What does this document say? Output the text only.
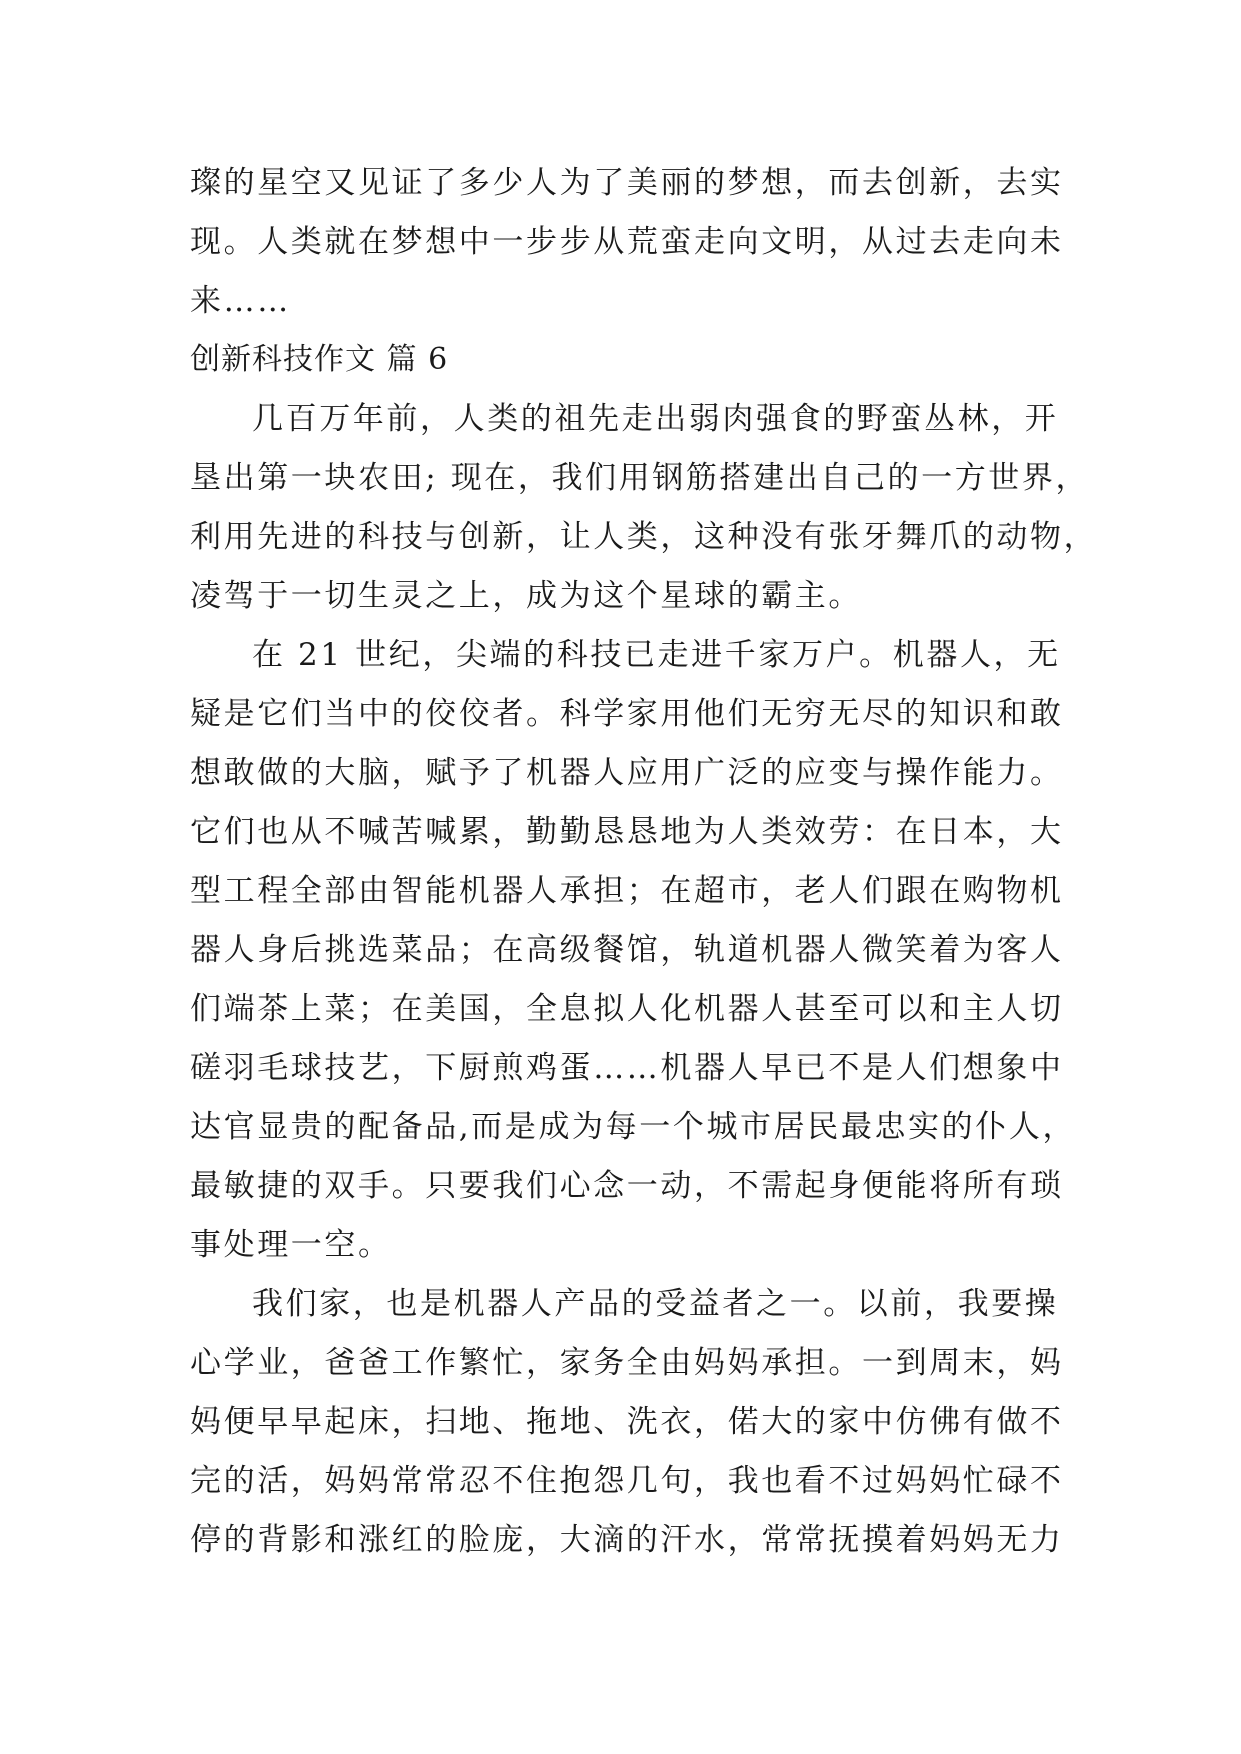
璨的星空又见证了多少人为了美丽的梦想，而去创新，去实
现。人类就在梦想中一步步从荒蛮走向文明，从过去走向未
来……
创新科技作文 篇 6
几百万年前，人类的祖先走出弱肉强食的野蛮丛林，开
垦出第一块农田; 现在，我们用钢筋搭建出自己的一方世界，
利用先进的科技与创新，让人类，这种没有张牙舞爪的动物，
凌驾于一切生灵之上，成为这个星球的霸主。
在 21 世纪，尖端的科技已走进千家万户。机器人，无
疑是它们当中的佼佼者。科学家用他们无穷无尽的知识和敢
想敢做的大脑，赋予了机器人应用广泛的应变与操作能力。
它们也从不喊苦喊累，勤勤恳恳地为人类效劳：在日本，大
型工程全部由智能机器人承担；在超市，老人们跟在购物机
器人身后挑选菜品；在高级餐馆，轨道机器人微笑着为客人
们端茶上菜；在美国，全息拟人化机器人甚至可以和主人切
磋羽毛球技艺，下厨煎鸡蛋……机器人早已不是人们想象中
达官显贵的配备品,而是成为每一个城市居民最忠实的仆人，
最敏捷的双手。只要我们心念一动，不需起身便能将所有琐
事处理一空。
我们家，也是机器人产品的受益者之一。以前，我要操
心学业，爸爸工作繁忙，家务全由妈妈承担。一到周末，妈
妈便早早起床，扫地、拖地、洗衣，偌大的家中仿佛有做不
完的活，妈妈常常忍不住抱怨几句，我也看不过妈妈忙碌不
停的背影和涨红的脸庞，大滴的汗水，常常抚摸着妈妈无力
